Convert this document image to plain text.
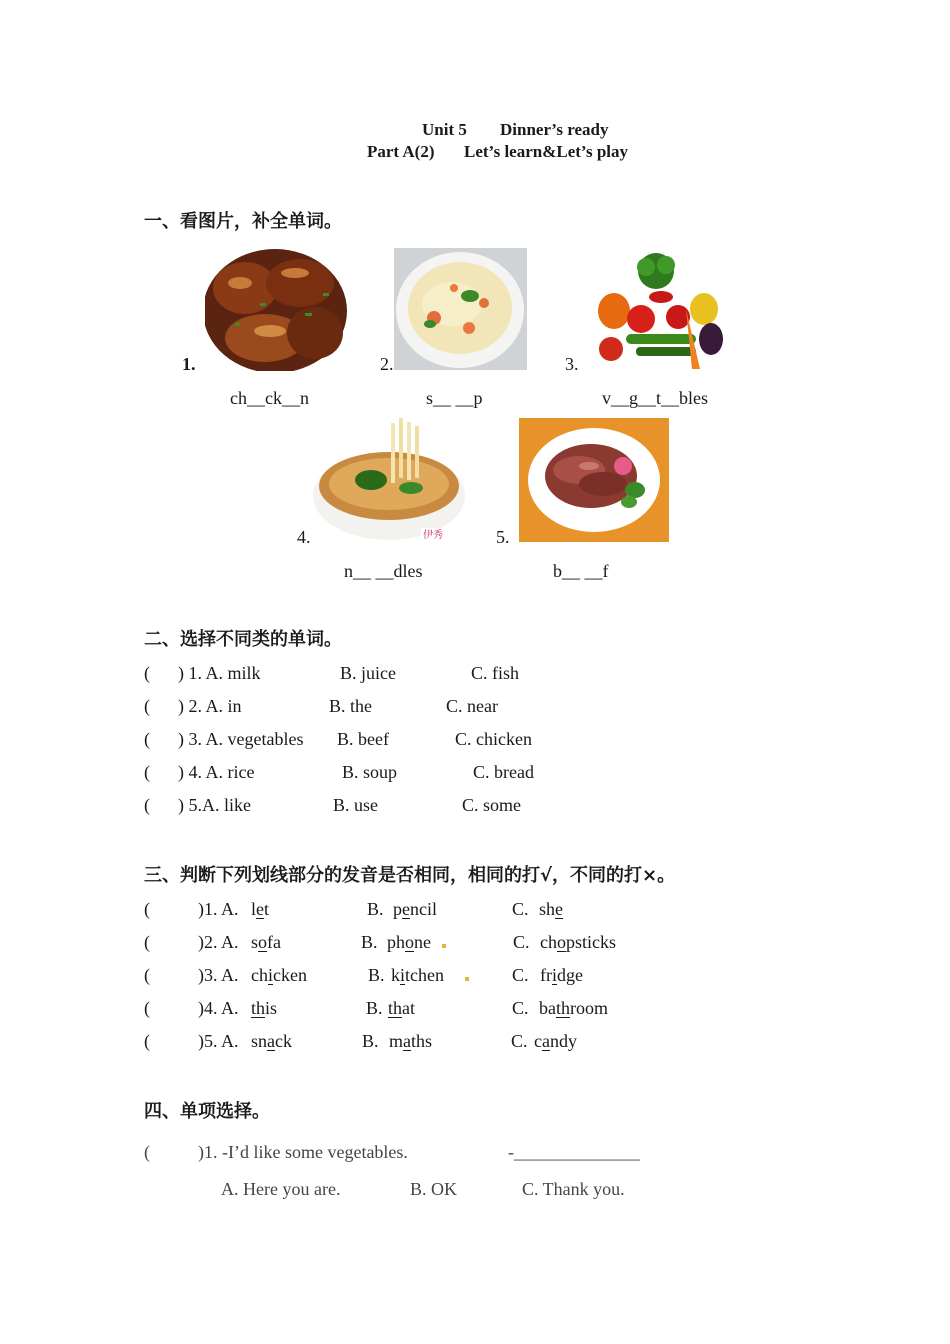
Unit 5 Dinner’s ready
Part A(2) Let’s learn&Let’s play
一、看图片，补全单词。
1.	2.	3.
ch__ck__n	s__ __p	v__g__t__bles
伊秀
4.	5.
n__ __dles	b__ __f
二、选择不同类的单词。
( ) 1. A. milk	B. juice	C. fish
( ) 2. A. in	B. the	C. near
( ) 3. A. vegetables B. beef	C. chicken
( ) 4. A. rice	B. soup	C. bread
( ) 5.A. like	B. use	C. some
三、判断下列划线部分的发音是否相同，相同的打√，不同的打×。
(	)1. A. let	B. pencil	C. she
(	)2. A. sofa	B. phone	C. chopsticks
(	)3. A. chicken	B. kitchen	C. fridge
(	)4. A. this	B. that	C. bathroom
(	)5. A. snack	B. maths	C. candy
四、单项选择。
(	)1. -I’d like some vegetables.	-______________
A. Here you are.	B. OK	C. Thank you.
